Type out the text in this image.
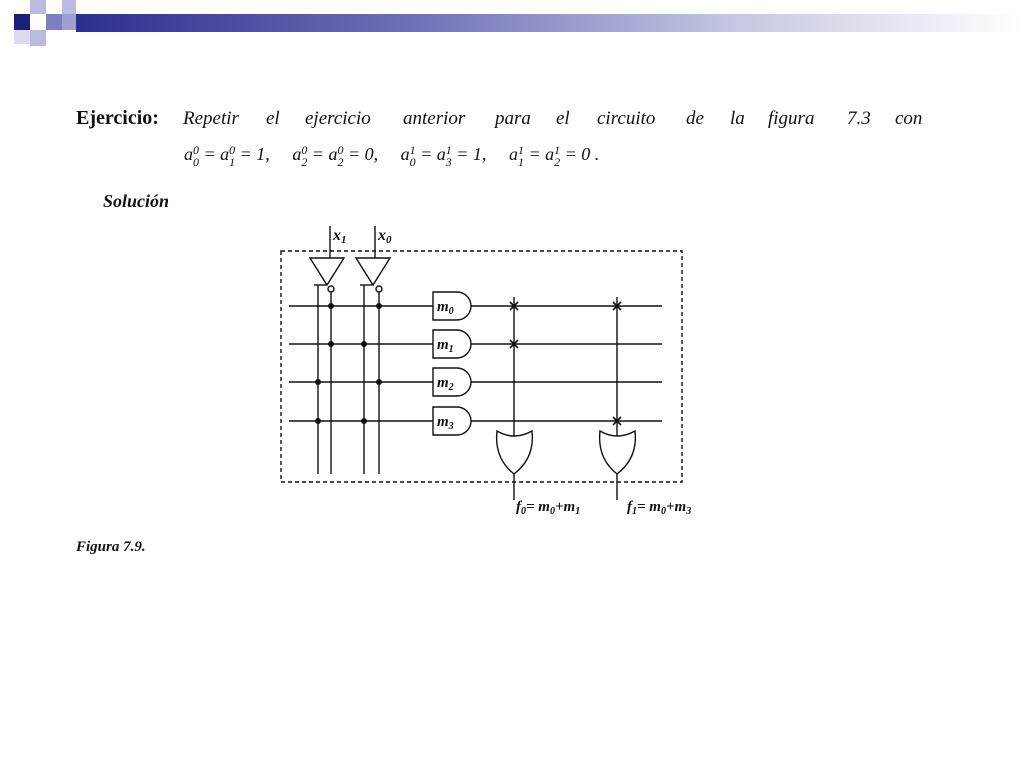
Ejercicio: Repetir el ejercicio anterior para el circuito de la figura 7.3 con
a 0
0 = a 0
1 = 1, a 0
2 = a 0
2 = 0, a 1
0 = a 1
3 = 1, a 1
1 = a 1
2 = 0 .
Solución
x1 x0
$m_0$
$m_1$
$m_2$
$m_3$
$f_0= m_0+m_1$	$f_1= m_0+m_3$
Figura 7.9.
